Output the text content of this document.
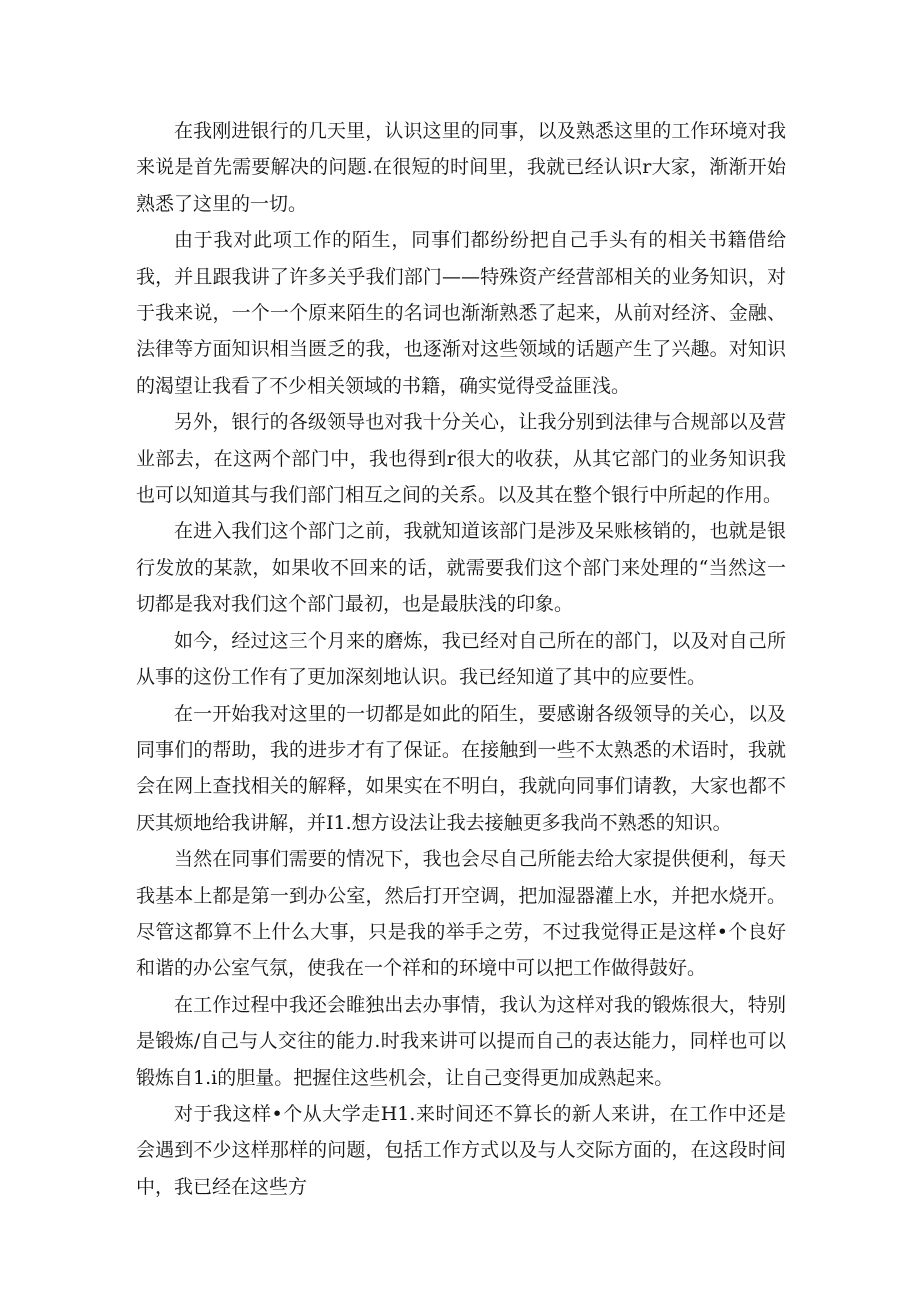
在我刚进银行的几天里，认识这里的同事，以及熟悉这里的工作环境对我来说是首先需要解决的问题.在很短的时间里，我就已经认识r大家，渐渐开始熟悉了这里的一切。

由于我对此项工作的陌生，同事们都纷纷把自己手头有的相关书籍借给我，并且跟我讲了许多关乎我们部门——特殊资产经营部相关的业务知识，对于我来说，一个一个原来陌生的名词也渐渐熟悉了起来，从前对经济、金融、法律等方面知识相当匮乏的我，也逐渐对这些领域的话题产生了兴趣。对知识的渴望让我看了不少相关领域的书籍，确实觉得受益匪浅。

另外，银行的各级领导也对我十分关心，让我分别到法律与合规部以及营业部去，在这两个部门中，我也得到r很大的收获，从其它部门的业务知识我也可以知道其与我们部门相互之间的关系。以及其在整个银行中所起的作用。

在进入我们这个部门之前，我就知道该部门是涉及呆账核销的，也就是银行发放的某款，如果收不回来的话，就需要我们这个部门来处理的“当然这一切都是我对我们这个部门最初，也是最肤浅的印象。

如今，经过这三个月来的磨炼，我已经对自己所在的部门，以及对自己所从事的这份工作有了更加深刻地认识。我已经知道了其中的应要性。

在一开始我对这里的一切都是如此的陌生，要感谢各级领导的关心，以及同事们的帮助，我的进步才有了保证。在接触到一些不太熟悉的术语时，我就会在网上查找相关的解释，如果实在不明白，我就向同事们请教，大家也都不厌其烦地给我讲解，并I1.想方设法让我去接触更多我尚不熟悉的知识。

当然在同事们需要的情况下，我也会尽自己所能去给大家提供便利，每天我基本上都是第一到办公室，然后打开空调，把加湿器灌上水，并把水烧开。尽管这都算不上什么大事，只是我的举手之劳，不过我觉得正是这样•个良好和谐的办公室气氛，使我在一个祥和的环境中可以把工作做得鼓好。

在工作过程中我还会睢独出去办事情，我认为这样对我的锻炼很大，特别是锻炼/自己与人交往的能力.时我来讲可以提而自己的表达能力，同样也可以锻炼自1.i的胆量。把握住这些机会，让自己变得更加成熟起来。

对于我这样•个从大学走H1.来时间还不算长的新人来讲，在工作中还是会遇到不少这样那样的问题，包括工作方式以及与人交际方面的，在这段时间中，我已经在这些方
